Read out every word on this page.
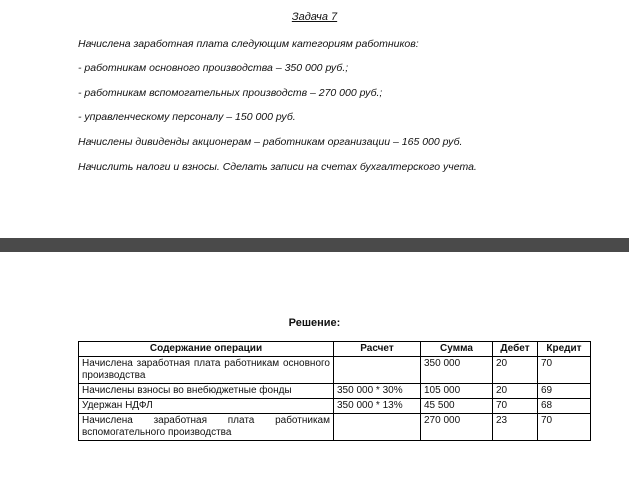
Задача 7
Начислена заработная плата следующим категориям работников:
- работникам основного производства – 350 000 руб.;
- работникам вспомогательных производств – 270 000 руб.;
- управленческому персоналу – 150 000 руб.
Начислены дивиденды акционерам – работникам организации – 165 000 руб.
Начислить налоги и взносы. Сделать записи на счетах бухгалтерского учета.
Решение:
Содержание операции	Расчет	Сумма	Дебет	Кредит
Начислена заработная плата работникам основного производства		350 000	20	70
Начислены взносы во внебюджетные фонды	350 000 * 30%	105 000	20	69
Удержан НДФЛ	350 000 * 13%	45 500	70	68
Начислена заработная плата работникам вспомогательного производства		270 000	23	70
